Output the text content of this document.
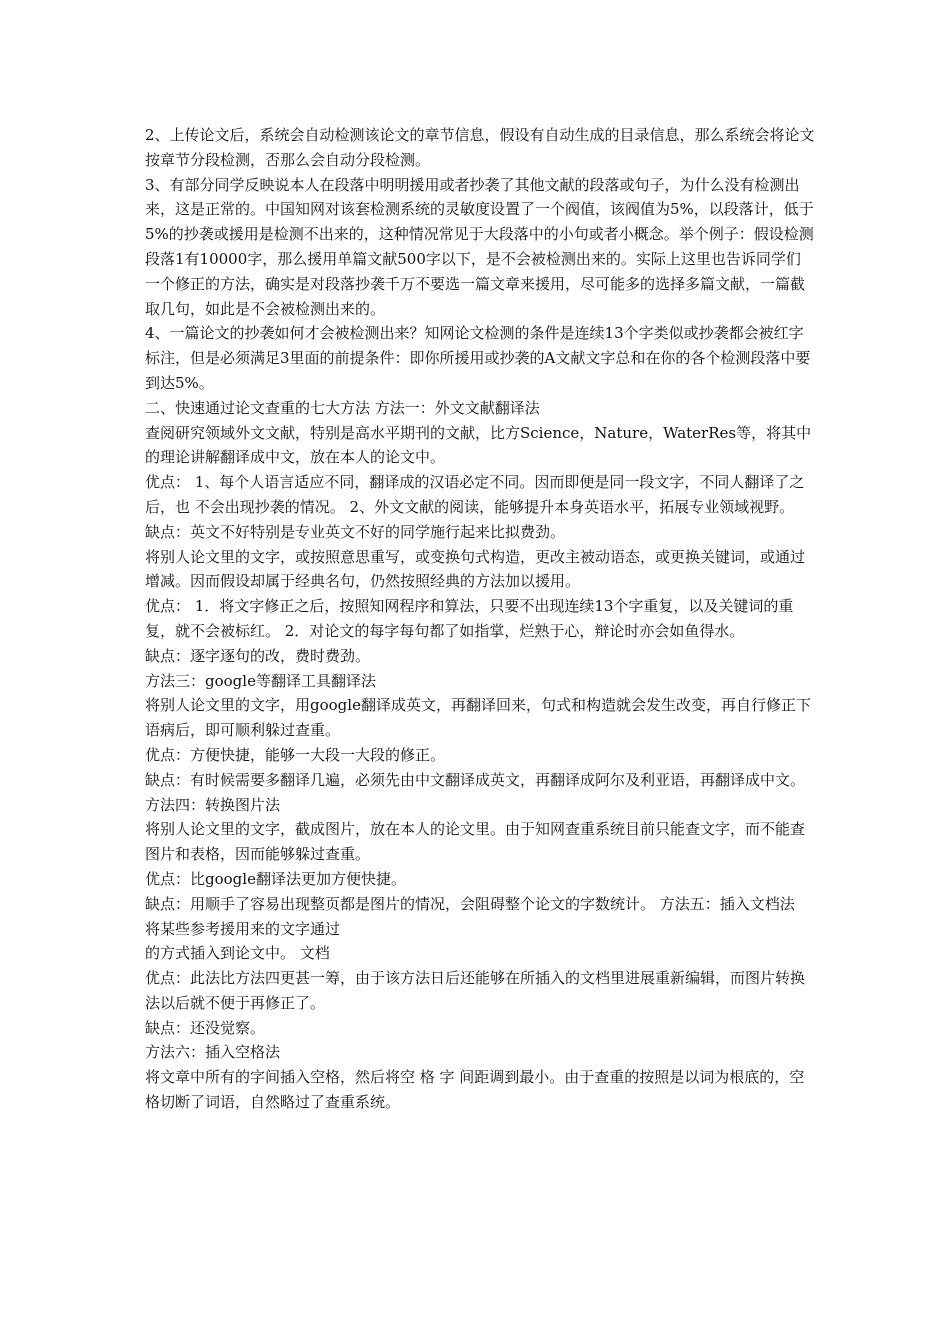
2、上传论文后，系统会自动检测该论文的章节信息，假设有自动生成的目录信息，那么系统会将论文按章节分段检测，否那么会自动分段检测。

3、有部分同学反映说本人在段落中明明援用或者抄袭了其他文献的段落或句子，为什么没有检测出来，这是正常的。中国知网对该套检测系统的灵敏度设置了一个阀值，该阀值为5%，以段落计，低于5%的抄袭或援用是检测不出来的，这种情况常见于大段落中的小句或者小概念。举个例子：假设检测段落1有10000字，那么援用单篇文献500字以下，是不会被检测出来的。实际上这里也告诉同学们一个修正的方法，确实是对段落抄袭千万不要选一篇文章来援用，尽可能多的选择多篇文献，一篇截取几句，如此是不会被检测出来的。

4、一篇论文的抄袭如何才会被检测出来？知网论文检测的条件是连续13个字类似或抄袭都会被红字标注，但是必须满足3里面的前提条件：即你所援用或抄袭的A文献文字总和在你的各个检测段落中要到达5%。

二、快速通过论文查重的七大方法 方法一：外文文献翻译法

查阅研究领域外文文献，特别是高水平期刊的文献，比方Science，Nature，WaterRes等，将其中的理论讲解翻译成中文，放在本人的论文中。

优点： 1、每个人语言适应不同，翻译成的汉语必定不同。因而即便是同一段文字，不同人翻译了之后，也 不会出现抄袭的情况。 2、外文文献的阅读，能够提升本身英语水平，拓展专业领域视野。

缺点：英文不好特别是专业英文不好的同学施行起来比拟费劲。

将别人论文里的文字，或按照意思重写，或变换句式构造，更改主被动语态，或更换关键词，或通过增减。因而假设却属于经典名句，仍然按照经典的方法加以援用。

优点： 1．将文字修正之后，按照知网程序和算法，只要不出现连续13个字重复，以及关键词的重复，就不会被标红。 2．对论文的每字每句都了如指掌，烂熟于心，辩论时亦会如鱼得水。

缺点：逐字逐句的改，费时费劲。

方法三：google等翻译工具翻译法

将别人论文里的文字，用google翻译成英文，再翻译回来，句式和构造就会发生改变，再自行修正下语病后，即可顺利躲过查重。

优点：方便快捷，能够一大段一大段的修正。

缺点：有时候需要多翻译几遍，必须先由中文翻译成英文，再翻译成阿尔及利亚语，再翻译成中文。 方法四：转换图片法

将别人论文里的文字，截成图片，放在本人的论文里。由于知网查重系统目前只能查文字，而不能查图片和表格，因而能够躲过查重。

优点：比google翻译法更加方便快捷。

缺点：用顺手了容易出现整页都是图片的情况，会阻碍整个论文的字数统计。 方法五：插入文档法

将某些参考援用来的文字通过

的方式插入到论文中。 文档

优点：此法比方法四更甚一筹，由于该方法日后还能够在所插入的文档里进展重新编辑，而图片转换法以后就不便于再修正了。

缺点：还没觉察。

方法六：插入空格法

将文章中所有的字间插入空格，然后将空 格 字 间距调到最小。由于查重的按照是以词为根底的，空格切断了词语，自然略过了查重系统。
